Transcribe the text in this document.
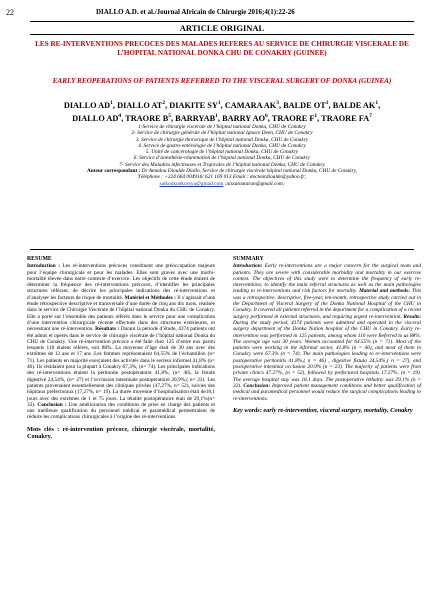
22	DIALLO A.D. et al./Journal Africain de Chirurgie 2016;4(1):22-26
ARTICLE ORIGINAL
LES RE-INTERVENTIONS PRECOCES DES MALADES REFERES AU SERVICE DE CHIRURGIE VISCERALE DE L’HOPITAL NATIONAL DONKA CHU DE CONAKRY (GUINEE)
EARLY REOPERATIONS OF PATIENTS REFERRED TO THE VISCERAL SURGERY OF DONKA (GUINEA)
DIALLO $AD^1$, DIALLO $AT^2$, DIAKITE $SY^1$, CAMARA $AK^3$, BALDE $OT^1$, BALDE $AK^1$,
DIALLO $AD^4$, TRAORE $B^5$, BARRYAB$^1$, BARRY $AO^6$, TRAORE $F^1$, TRAORE $FA^7$
1-Service de chirurgie viscérale de l’hôpital national Donka, CHU de Conakry
2- Service de chirurgie générale de l’hôpital national Ignace Deen, CHU de Conakry
3. Service de chirurgie thoracique de l’hôpital national Donka, CHU de Conakry
4. Service de gastro-entérologie de l’hôpital national Donka, CHU de Conakry
5. Unité de cancérologie de l’hôpital national Donka, CHU de Conakry
6. Service d’anesthésie-réanimation de l’hôpital national Donka, CHU de Conakry
7- Service des Maladies infectieuses et Tropicales de l’hôpital national Donka, CHU de Conakry
Auteur correspondant : Dr Amadou Dioulde Diallo, Service de chirurgie viscérale hôpital national Donka, CHU de Conakry,
Téléphone : +224 664 004916/ 621 169 013 Email : docteurdioulde@yahoo.fr;
saikoukonkornya@gmail.com ;aissatoutaran@gmail.com;
RESUME

Introduction : Les ré-interventions précoces constituent une préoccupation majeure pour l’équipe chirurgicale et pour les malades. Elles sont graves avec une morbi-mortalité élevée dans notre contexte d’exercice. Les objectifs de cette étude étaient de déterminer la fréquence des ré-interventions précoces, d’identifier les principales structures référant, de décrire les principales indications des ré-interventions et d’analyser les facteurs de risque de mortalité. Matériel et Méthodes : Il s’agissait d’une étude rétrospective descriptive et transversale d’une durée de cinq ans dix mois, réalisée dans le service de Chirurgie Viscérale de l’hôpital national Donka du CHU de Conakry. Elle a porté sur l’ensemble des patients référés dans le service pour une complication d’une intervention chirurgicale récente effectuée dans des structures extérieures, et nécessitant une ré-intervention. Résultats : Durant la période d’étude, 4374 patients ont été admis et opérés dans le service de chirurgie viscérale de l’hôpital national Donka du CHU de Conakry. Une ré-intervention précoce a été faite chez 125 d’entre eux parmi lesquels 110 étaient référés, soit 88%. La moyenne d’âge était de 30 ans avec des extrêmes de 12 ans et 17 ans .Les femmes représentaient 64,55% de l’échantillon (n= 71). Les patients en majorité exerçaient des activités dans le secteur informel 41,8% (n= 46). Ils résidaient pour la plupart à Conakry 67,3%, (n= 74). Les principales indications des ré-interventions étaient la péritonite postopératoire 41,8%, (n= 46), la fistule digestive 24,54%, (n= 27) et l’occlusion intestinale postopératoire 20,9%,( n= 23). Les patients provenaient essentiellement des cliniques privées (47,27%, n= 52), suivies des hôpitaux préfectoraux (17,27%, n= 19). La durée moyenne d’hospitalisation était de18,1 jours avec des extrêmes de 1 et 75 jours. La létalité postopératoire était de 29,1%(n= 32). Conclusion : Une amélioration des conditions de prise en charge des patients et une meilleure qualification du personnel médical et paramédical permettraient de réduire les complications chirurgicales à l’origine des ré-interventions.

Mots clés : ré-intervention précoce, chirurgie viscérale, mortalité, Conakry.
SUMMARY

Introduction: Early re-interventions are a major concern for the surgical team and patients. They are severe with considerable morbidity and mortality in our exercise context. The objectives of this study were to determine the frequency of early re-interventions; to identify the main referral structures as well as the main pathologies leading to re-interventions and risk factors for mortality. Material and methods: This was a retrospective, descriptive, five-year, ten-month, retrospective study carried out in the Department of Visceral Surgery of the Donka National Hospital of the CHU in Conakry. It covered all patients referred in the department for a complication of a recent surgery performed in external structures, and requiring urgent re-intervention. Results: During the study period, 4374 patients were admitted and operated in the visceral surgery department of the Donka Nation hospital of the CHU in Conakry. Early re-intervention was performed in 125 patients, among whom 110 were Referred to us 88%. The average age was 30 years. Women accounted for 64.55% (n = 71). Most of the patients were working in the informal sector, 41.8% (n = 46), and most of them in Conakry were 67.3% (n = 74). The main pathologies leading to re-interventions were postoperative peritonitis 41.8%,( n = 46) , digestive fistula 24.54%,( n = 27), and postoperative intestinal occlusion 20.9% (n = 23). The majority of patients were from private clinics 47.27%, (n = 52), followed by prefectural hospitals 17.27%, (n = 19). The average hospital stay was 18.1 days. The postoperative lethality was 29.1% (n = 32). Conclusion: Improved patient management conditions and better qualification of medical and paramedical personnel would reduce the surgical complications leading to re-interventions.

Key words: early re-intervention, visceral surgery, mortality, Conakry
